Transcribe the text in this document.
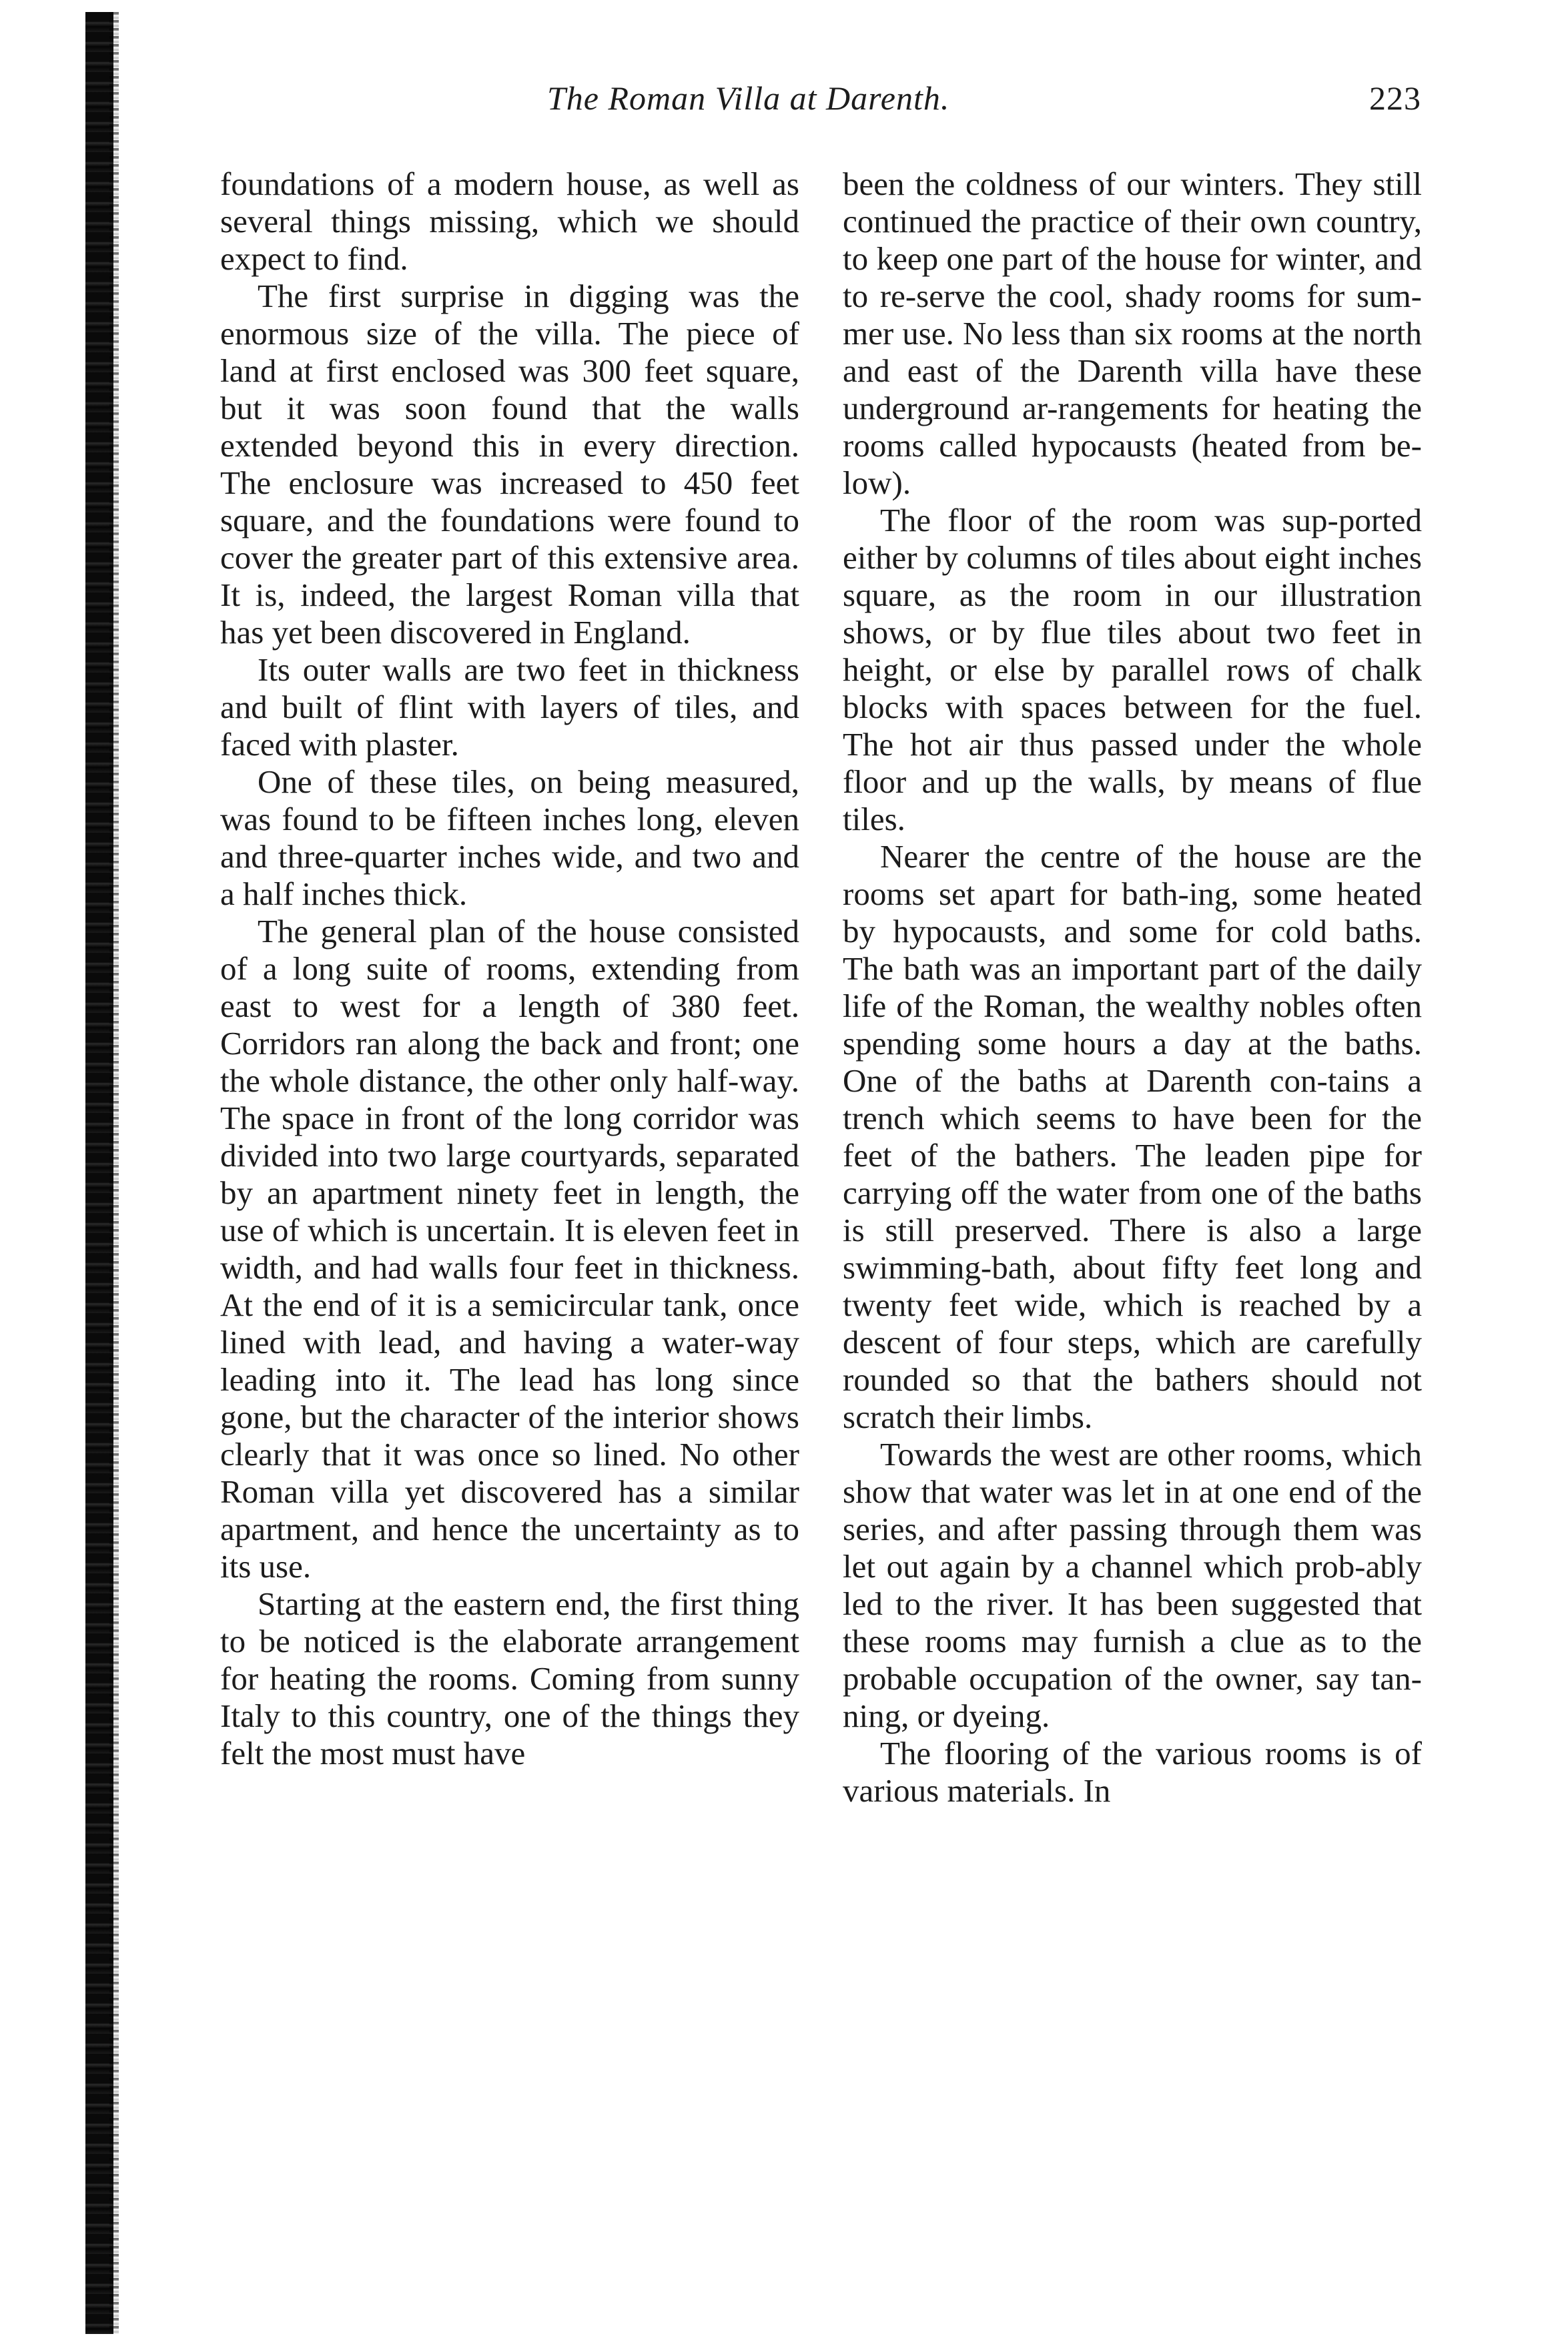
The Roman Villa at Darenth.	223

foundations of a modern house, as well as several things missing, which we should expect to find.

The first surprise in digging was the enormous size of the villa. The piece of land at first enclosed was 300 feet square, but it was soon found that the walls extended beyond this in every direction. The enclosure was increased to 450 feet square, and the foundations were found to cover the greater part of this extensive area. It is, indeed, the largest Roman villa that has yet been discovered in England.

Its outer walls are two feet in thickness and built of flint with layers of tiles, and faced with plaster.

One of these tiles, on being measured, was found to be fifteen inches long, eleven and three-quarter inches wide, and two and a half inches thick.

The general plan of the house consisted of a long suite of rooms, extending from east to west for a length of 380 feet. Corridors ran along the back and front; one the whole distance, the other only half-way. The space in front of the long corridor was divided into two large courtyards, separated by an apartment ninety feet in length, the use of which is uncertain. It is eleven feet in width, and had walls four feet in thickness. At the end of it is a semicircular tank, once lined with lead, and having a water-way leading into it. The lead has long since gone, but the character of the interior shows clearly that it was once so lined. No other Roman villa yet discovered has a similar apartment, and hence the uncertainty as to its use.

Starting at the eastern end, the first thing to be noticed is the elaborate arrangement for heating the rooms. Coming from sunny Italy to this country, one of the things they felt the most must have

been the coldness of our winters. They still continued the practice of their own country, to keep one part of the house for winter, and to re-serve the cool, shady rooms for sum-mer use. No less than six rooms at the north and east of the Darenth villa have these underground ar-rangements for heating the rooms called hypocausts (heated from be-low).

The floor of the room was sup-ported either by columns of tiles about eight inches square, as the room in our illustration shows, or by flue tiles about two feet in height, or else by parallel rows of chalk blocks with spaces between for the fuel. The hot air thus passed under the whole floor and up the walls, by means of flue tiles.

Nearer the centre of the house are the rooms set apart for bath-ing, some heated by hypocausts, and some for cold baths. The bath was an important part of the daily life of the Roman, the wealthy nobles often spending some hours a day at the baths. One of the baths at Darenth con-tains a trench which seems to have been for the feet of the bathers. The leaden pipe for carrying off the water from one of the baths is still preserved. There is also a large swimming-bath, about fifty feet long and twenty feet wide, which is reached by a descent of four steps, which are carefully rounded so that the bathers should not scratch their limbs.

Towards the west are other rooms, which show that water was let in at one end of the series, and after passing through them was let out again by a channel which prob-ably led to the river. It has been suggested that these rooms may furnish a clue as to the probable occupation of the owner, say tan-ning, or dyeing.

The flooring of the various rooms is of various materials. In
